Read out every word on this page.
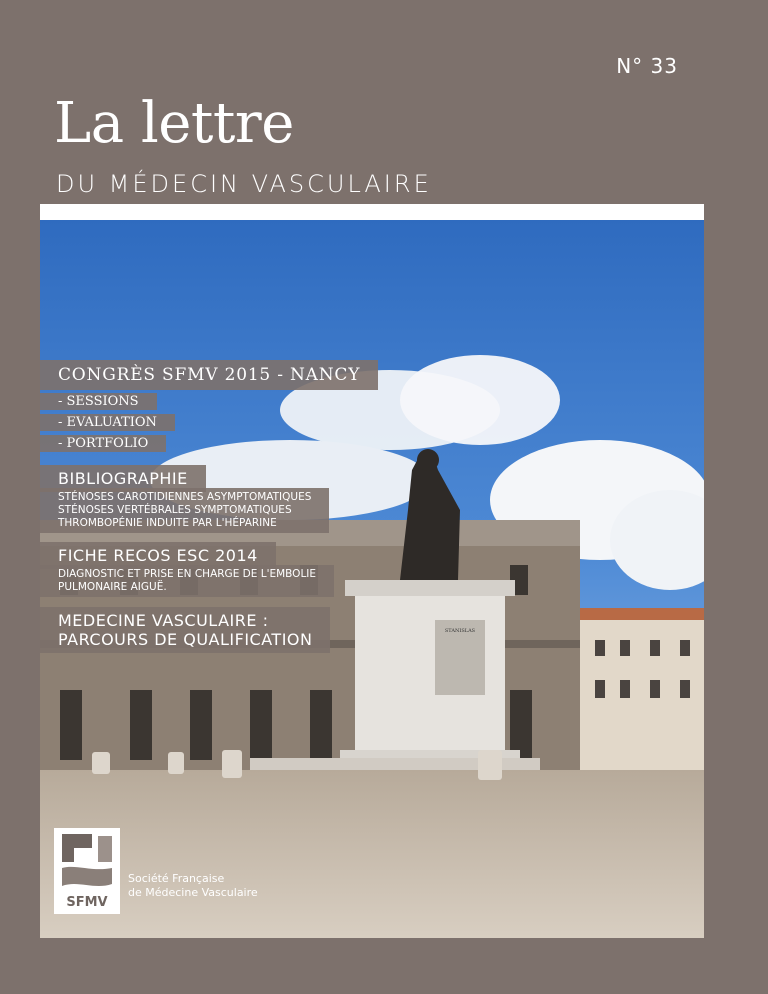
N° 33
La lettre
DU MÉDECIN VASCULAIRE
STANISLAS
CONGRÈS SFMV 2015 - NANCY
- SESSIONS
- EVALUATION
- PORTFOLIO
BIBLIOGRAPHIE
STÉNOSES CAROTIDIENNES ASYMPTOMATIQUES
STÉNOSES VERTÉBRALES SYMPTOMATIQUES
THROMBOPÉNIE INDUITE PAR L'HÉPARINE
FICHE RECOS ESC 2014
DIAGNOSTIC ET PRISE EN CHARGE DE L'EMBOLIE
PULMONAIRE AIGUË.
MEDECINE VASCULAIRE :
PARCOURS DE QUALIFICATION
SFMV
Société Française
de Médecine Vasculaire
